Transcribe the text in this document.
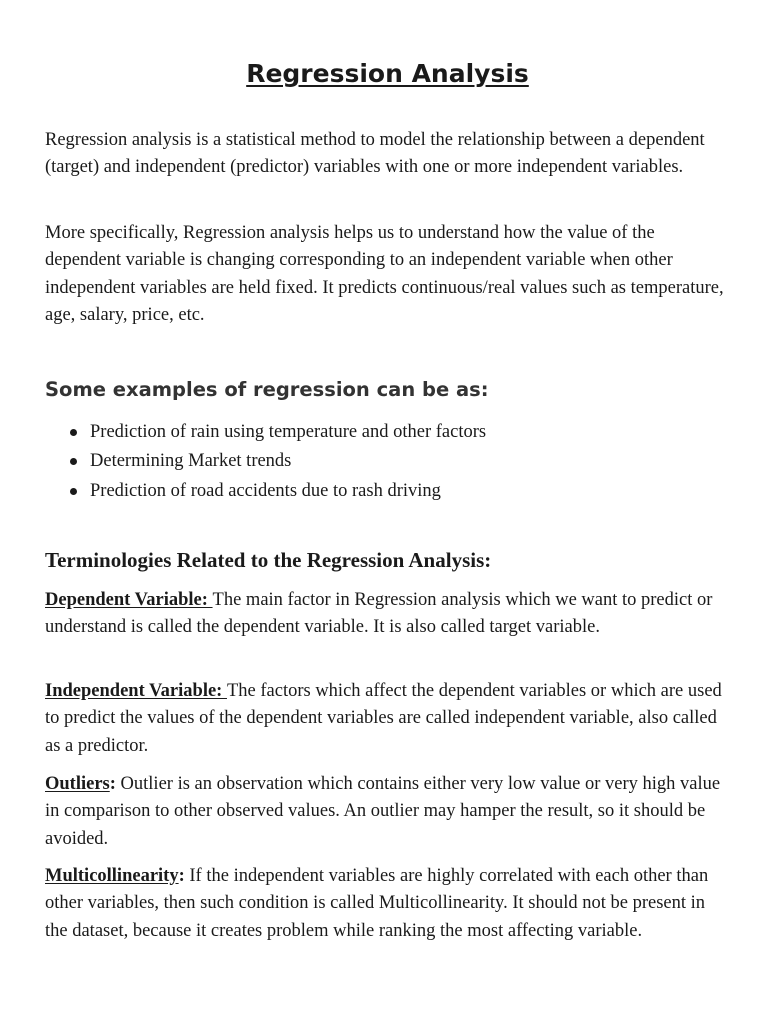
Regression Analysis

Regression analysis is a statistical method to model the relationship between a dependent (target) and independent (predictor) variables with one or more independent variables.

More specifically, Regression analysis helps us to understand how the value of the dependent variable is changing corresponding to an independent variable when other independent variables are held fixed. It predicts continuous/real values such as temperature, age, salary, price, etc.

Some examples of regression can be as:
Prediction of rain using temperature and other factors
Determining Market trends
Prediction of road accidents due to rash driving
Terminologies Related to the Regression Analysis:

Dependent Variable: The main factor in Regression analysis which we want to predict or understand is called the dependent variable. It is also called target variable.

Independent Variable: The factors which affect the dependent variables or which are used to predict the values of the dependent variables are called independent variable, also called as a predictor.

Outliers: Outlier is an observation which contains either very low value or very high value in comparison to other observed values. An outlier may hamper the result, so it should be avoided.

Multicollinearity: If the independent variables are highly correlated with each other than other variables, then such condition is called Multicollinearity. It should not be present in the dataset, because it creates problem while ranking the most affecting variable.
